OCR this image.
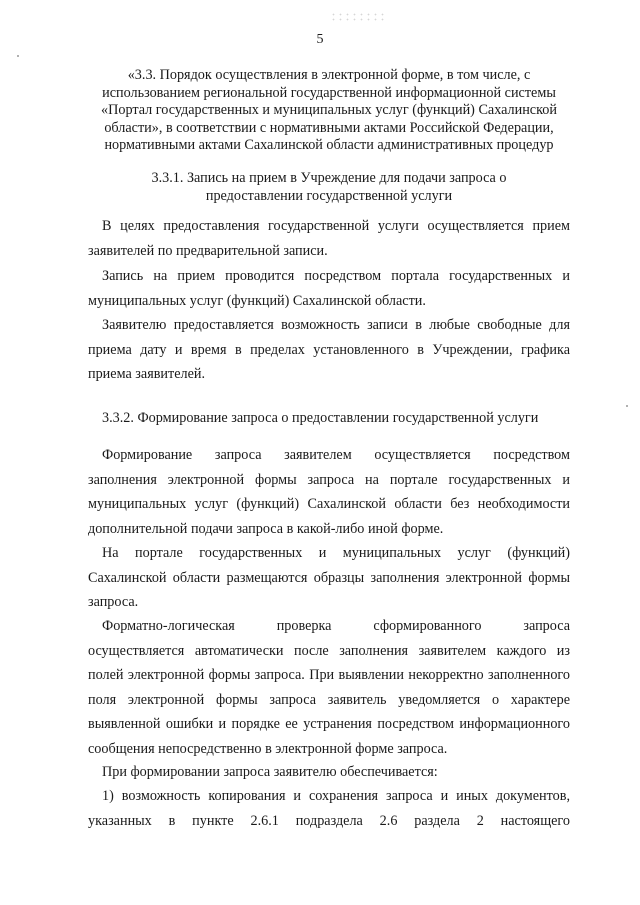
5
«3.3. Порядок осуществления в электронной форме, в том числе, с
использованием региональной государственной информационной системы
«Портал государственных и муниципальных услуг (функций) Сахалинской
области», в соответствии с нормативными актами Российской Федерации,
нормативными актами Сахалинской области административных процедур
3.3.1. Запись на прием в Учреждение для подачи запроса о
предоставлении государственной услуги
В целях предоставления государственной услуги осуществляется прием
заявителей по предварительной записи.
Запись на прием проводится посредством портала государственных и
муниципальных услуг (функций) Сахалинской области.
Заявителю предоставляется возможность записи в любые свободные для
приема дату и время в пределах установленного в Учреждении, графика
приема заявителей.
3.3.2. Формирование запроса о предоставлении государственной услуги
Формирование запроса заявителем осуществляется посредством
заполнения электронной формы запроса на портале государственных и
муниципальных услуг (функций) Сахалинской области без необходимости
дополнительной подачи запроса в какой-либо иной форме.
На портале государственных и муниципальных услуг (функций)
Сахалинской области размещаются образцы заполнения электронной формы
запроса.
Форматно-логическая проверка сформированного запроса
осуществляется автоматически после заполнения заявителем каждого из
полей электронной формы запроса. При выявлении некорректно заполненного
поля электронной формы запроса заявитель уведомляется о характере
выявленной ошибки и порядке ее устранения посредством информационного
сообщения непосредственно в электронной форме запроса.
При формировании запроса заявителю обеспечивается:
1) возможность копирования и сохранения запроса и иных документов,
указанных в пункте 2.6.1 подраздела 2.6 раздела 2 настоящего
